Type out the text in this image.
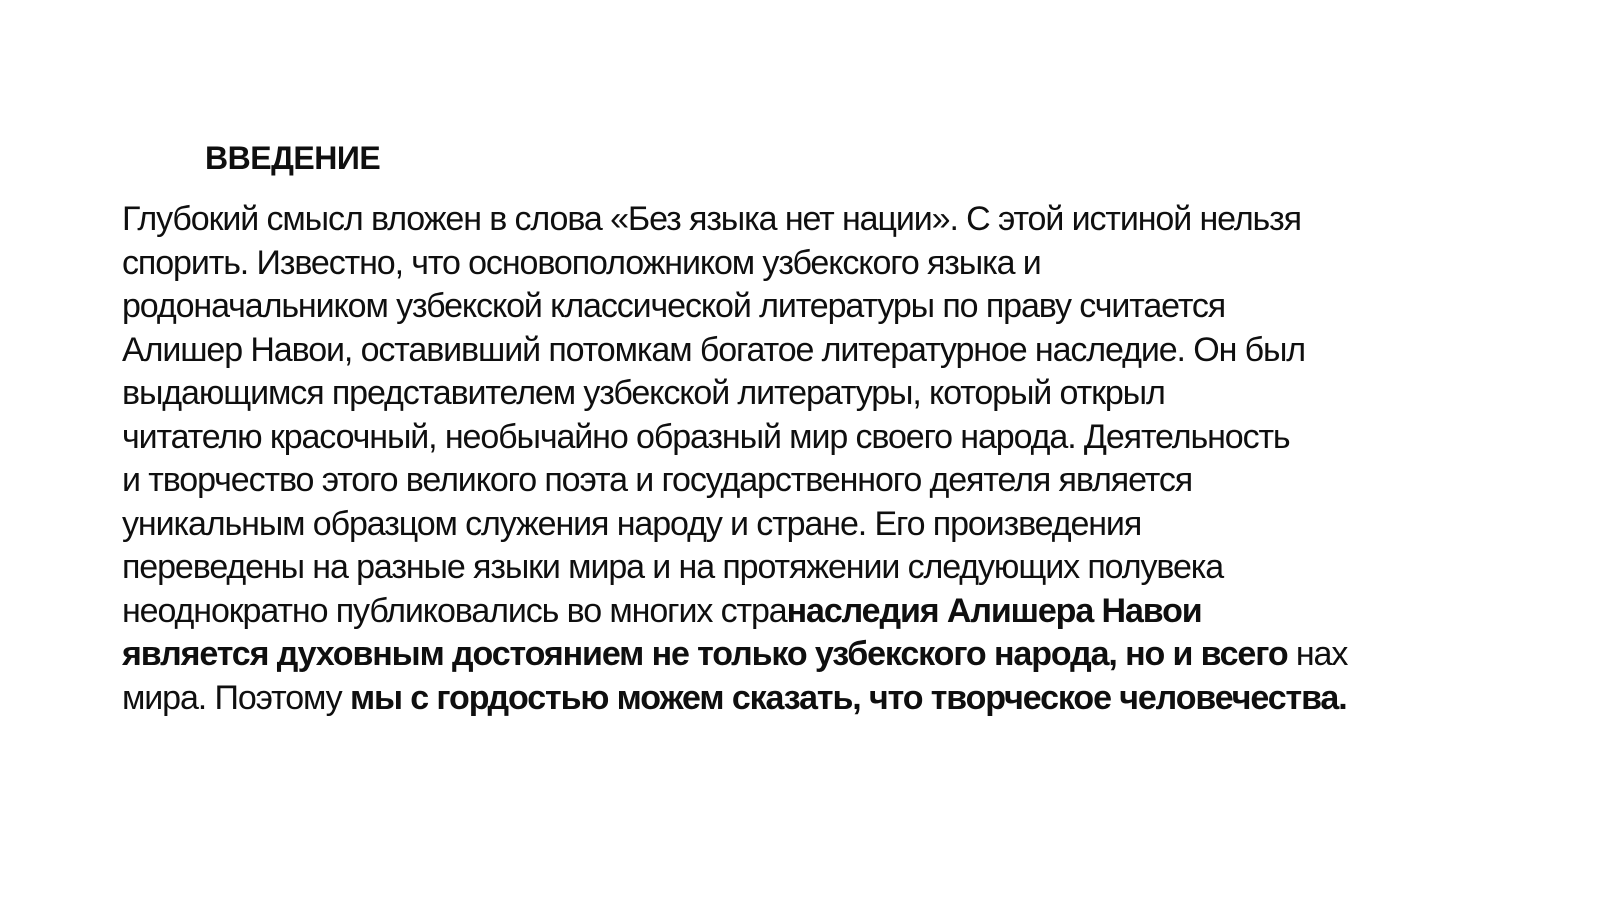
ВВЕДЕНИЕ
Глубокий смысл вложен в слова «Без языка нет нации». С этой истиной нельзя
спорить. Известно, что основоположником узбекского языка и
родоначальником узбекской классической литературы по праву считается
Алишер Навои, оставивший потомкам богатое литературное наследие. Он был
выдающимся представителем узбекской литературы, который открыл
читателю красочный, необычайно образный мир своего народа. Деятельность
и творчество этого великого поэта и государственного деятеля является
уникальным образцом служения народу и стране. Его произведения
переведены на разные языки мира и на протяжении следующих полувека
неоднократно публиковались во многих странаследия Алишера Навои
является духовным достоянием не только узбекского народа, но и всего нах
мира. Поэтому мы с гордостью можем сказать, что творческое человечества.
